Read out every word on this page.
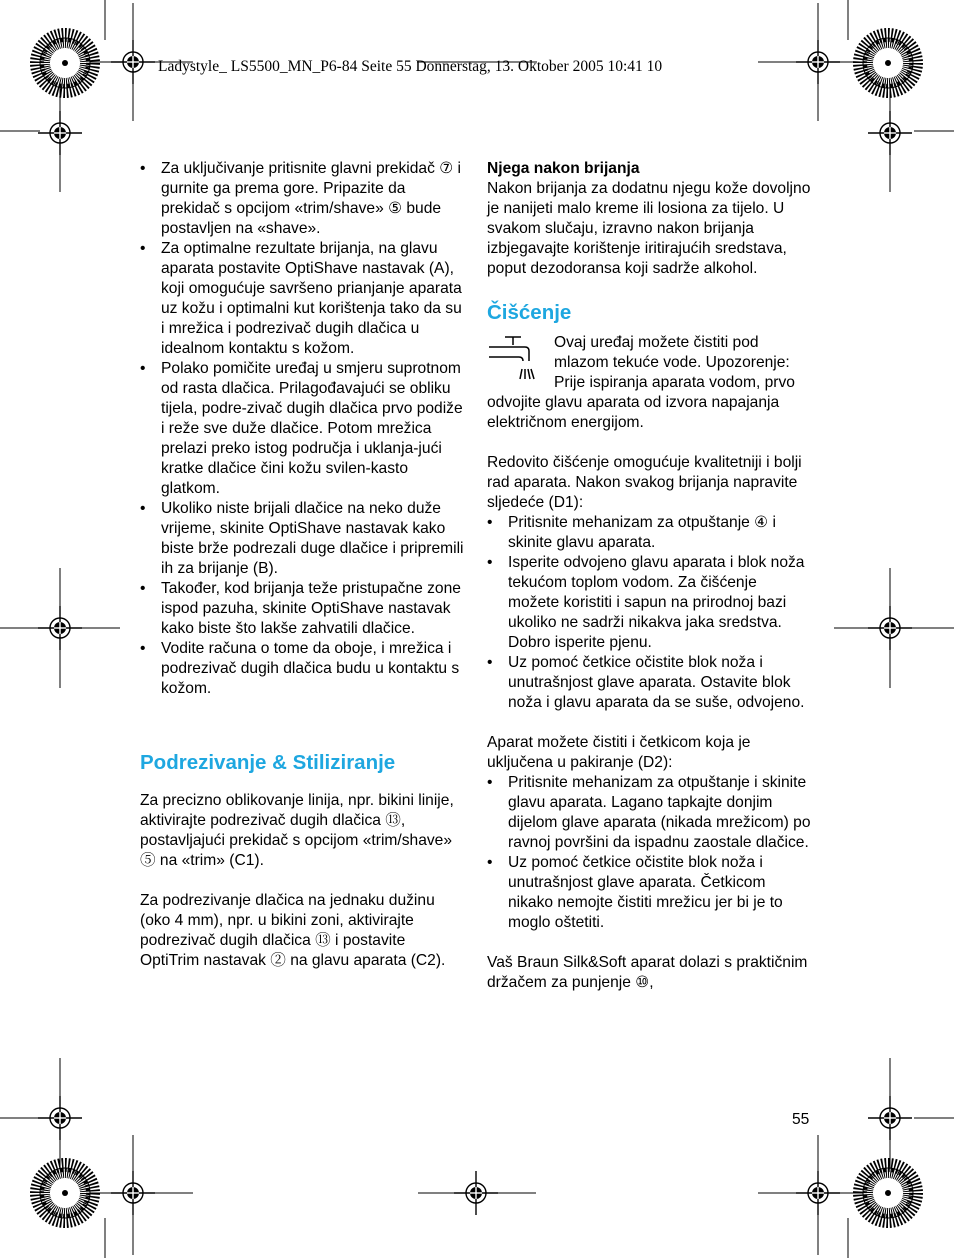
Ladystyle_ LS5500_MN_P6-84 Seite 55 Donnerstag, 13. Oktober 2005 10:41 10
• Za uključivanje pritisnite glavni prekidač ⑦ i gurnite ga prema gore. Pripazite da prekidač s opcijom «trim/shave» ⑤ bude postavljen na «shave».
• Za optimalne rezultate brijanja, na glavu aparata postavite OptiShave nastavak (A), koji omogućuje savršeno prianjanje aparata uz kožu i optimalni kut korištenja tako da su i mrežica i podrezivač dugih dlačica u idealnom kontaktu s kožom.
• Polako pomičite uređaj u smjeru suprotnom od rasta dlačica. Prilagođavajući se obliku tijela, podre-zivač dugih dlačica prvo podiže i reže sve duže dlačice. Potom mrežica prelazi preko istog područja i uklanja-jući kratke dlačice čini kožu svilen-kasto glatkom.
• Ukoliko niste brijali dlačice na neko duže vrijeme, skinite OptiShave nastavak kako biste brže podrezali duge dlačice i pripremili ih za brijanje (B).
• Također, kod brijanja teže pristupačne zone ispod pazuha, skinite OptiShave nastavak kako biste što lakše zahvatili dlačice.
• Vodite računa o tome da oboje, i mrežica i podrezivač dugih dlačica budu u kontaktu s kožom.
Podrezivanje & Stiliziranje

Za precizno oblikovanje linija, npr. bikini linije, aktivirajte podrezivač dugih dlačica ⑬, postavljajući prekidač s opcijom «trim/shave» ⑤ na «trim» (C1).

Za podrezivanje dlačica na jednaku dužinu (oko 4 mm), npr. u bikini zoni, aktivirajte podrezivač dugih dlačica ⑬ i postavite OptiTrim nastavak ② na glavu aparata (C2).

Njega nakon brijanja

Nakon brijanja za dodatnu njegu kože dovoljno je nanijeti malo kreme ili losiona za tijelo. U svakom slučaju, izravno nakon brijanja izbjegavajte korištenje iritirajućih sredstava, poput dezodoransa koji sadrže alkohol.

Čišćenje

Ovaj uređaj možete čistiti pod mlazom tekuće vode. Upozorenje: Prije ispiranja aparata vodom, prvo odvojite glavu aparata od izvora napajanja električnom energijom.

Redovito čišćenje omogućuje kvalitetniji i bolji rad aparata. Nakon svakog brijanja napravite sljedeće (D1):

• Pritisnite mehanizam za otpuštanje ④ i skinite glavu aparata.
• Isperite odvojeno glavu aparata i blok noža tekućom toplom vodom. Za čišćenje možete koristiti i sapun na prirodnoj bazi ukoliko ne sadrži nikakva jaka sredstva. Dobro isperite pjenu.
• Uz pomoć četkice očistite blok noža i unutrašnjost glave aparata. Ostavite blok noža i glavu aparata da se suše, odvojeno.

Aparat možete čistiti i četkicom koja je uključena u pakiranje (D2):

• Pritisnite mehanizam za otpuštanje i skinite glavu aparata. Lagano tapkajte donjim dijelom glave aparata (nikada mrežicom) po ravnoj površini da ispadnu zaostale dlačice.
• Uz pomoć četkice očistite blok noža i unutrašnjost glave aparata. Četkicom nikako nemojte čistiti mrežicu jer bi je to moglo oštetiti.

Vaš Braun Silk&Soft aparat dolazi s praktičnim držačem za punjenje ⑩,

55
